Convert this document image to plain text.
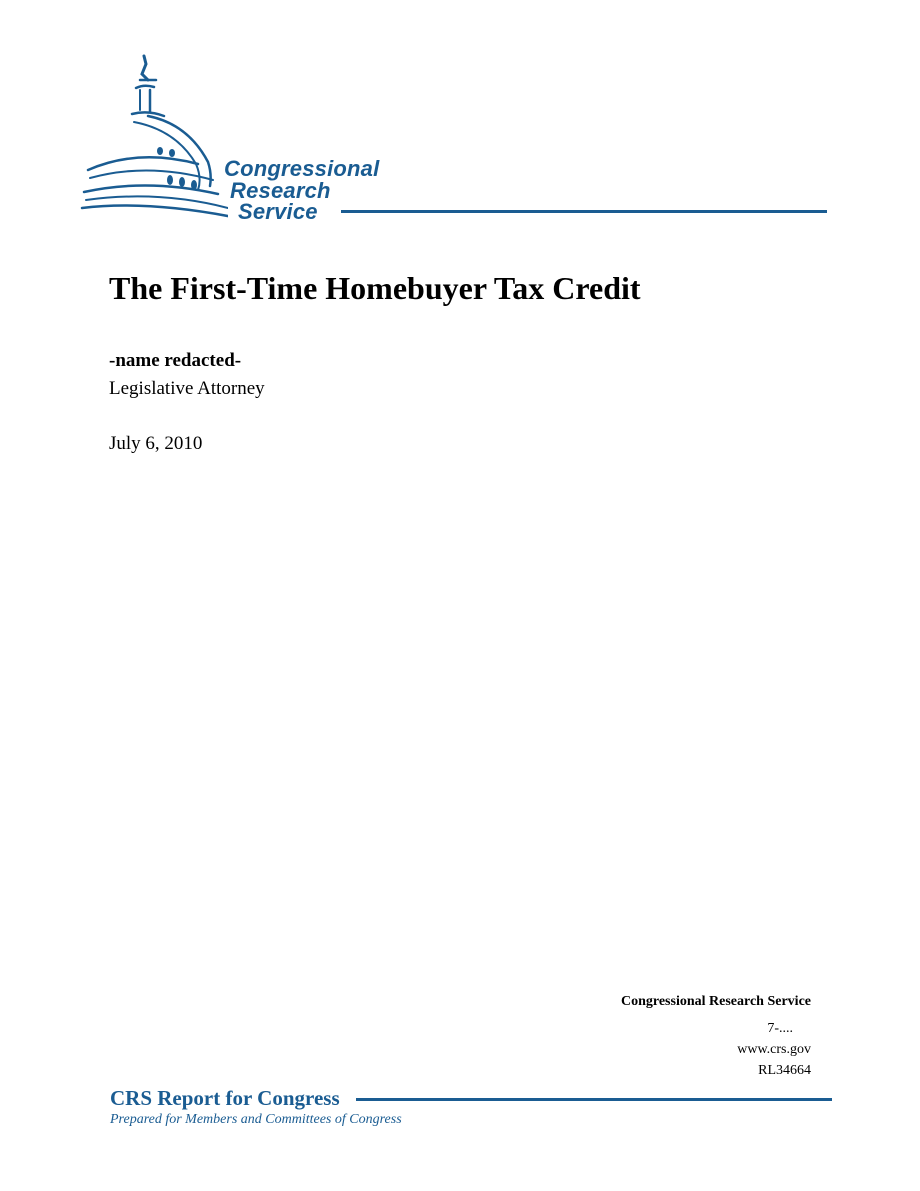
Congressional
Research
Service
The First-Time Homebuyer Tax Credit
-name redacted-
Legislative Attorney
July 6, 2010
Congressional Research Service
7-....
www.crs.gov
RL34664
CRS Report for Congress
Prepared for Members and Committees of Congress
